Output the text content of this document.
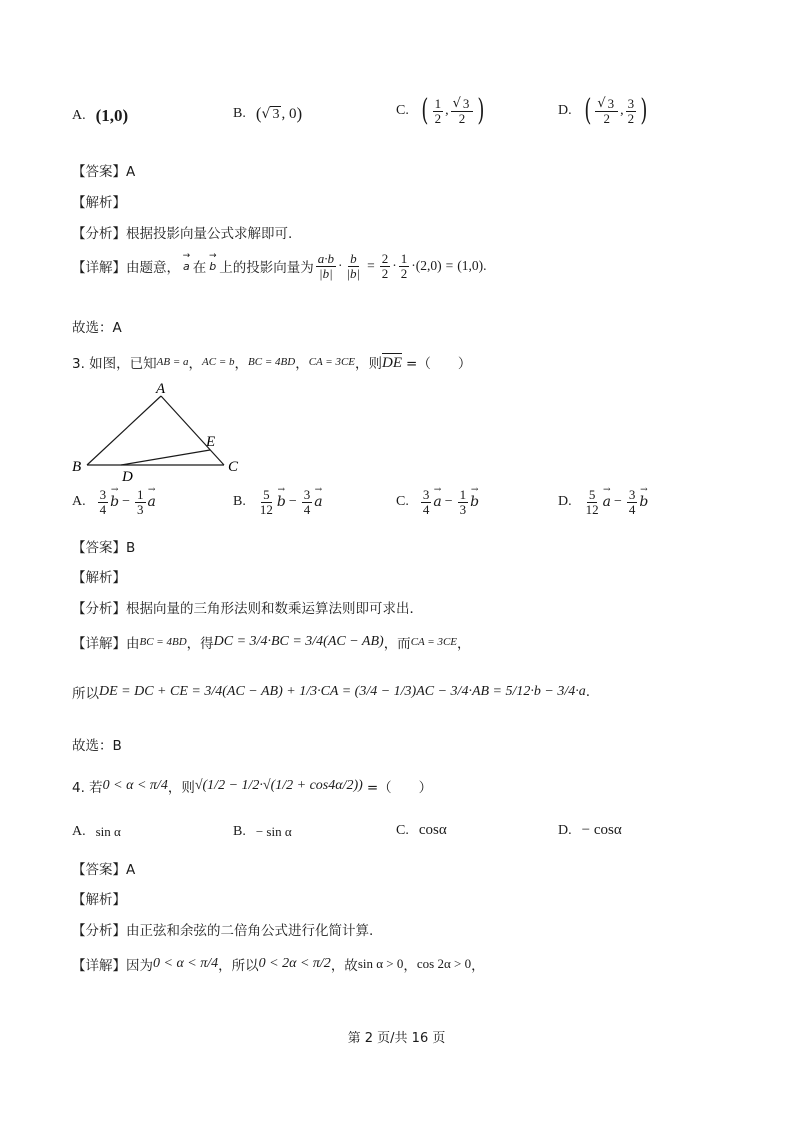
A. (1,0)	B. ( √ 3 , 0 )	C. ( $\frac{1}{2}$ , $\frac{√ 3}{2}$ )	D. ( $\frac{√ 3}{2}$ , $\frac{3}{2}$ )
【答案】A
【解析】
【分析】根据投影向量公式求解即可.
【详解】 由题意，
→ a 在
→ b 上的投影向量为 $\frac{a\cdot b}{|b|} \cdot \frac{b}{|b|} = \frac{2}{2} \cdot \frac{1}{2} \cdot (2,0) = (1,0)$ .
故选：A
3. 如图，已知 AB = a ， AC = b ， BC = 4BD ， CA = 3CE ，则 DE =（　　）
A
B	C
D
E
A. $\frac{3}{4}$
→ $b - \frac{1}{3}$
→ a	B. $\frac{5}{12}$
→ $b - \frac{3}{4}$
→ a	C. $\frac{3}{4}$
→ $a - \frac{1}{3}$
→ b	D. $\frac{5}{12}$
→ $a - \frac{3}{4}$
→ b
【答案】B
【解析】
【分析】根据向量的三角形法则和数乘运算法则即可求出．
【详解】 由 BC = 4BD ，得 DC = 3/4·BC = 3/4(AC − AB) ，而 CA = 3CE ，
所以 DE = DC + CE = 3/4(AC − AB) + 1/3·CA = (3/4 − 1/3)AC − 3/4·AB = 5/12·b − 3/4·a .
故选：B
4. 若 0 < α < π/4 ，则 √(1/2 − 1/2·√(1/2 + cos4α/2)) =（　　）
A. sin α	B. − sin α	C. cosα	D. − cosα
【答案】A
【解析】
【分析】由正弦和余弦的二倍角公式进行化简计算.
【详解】 因为 0 < α < π/4 ，所以 0 < 2α < π/2 ，故 sin α > 0 ， cos 2α > 0 ，
第 2 页/共 16 页
